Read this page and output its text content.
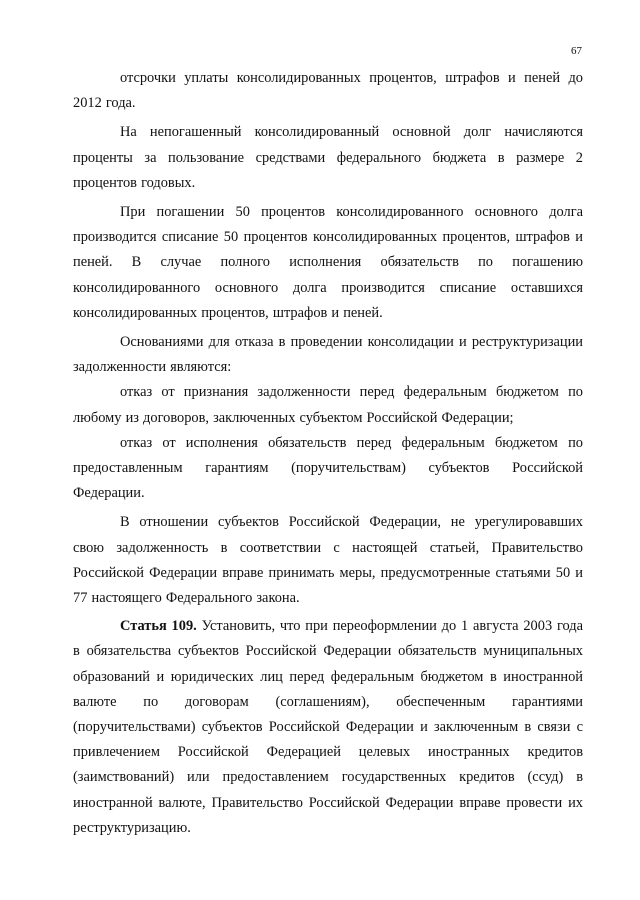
67

отсрочки уплаты консолидированных процентов, штрафов и пеней до 2012 года.

На непогашенный консолидированный основной долг начисляются проценты за пользование средствами федерального бюджета в размере 2 процентов годовых.

При погашении 50 процентов консолидированного основного долга производится списание 50 процентов консолидированных процентов, штрафов и пеней. В случае полного исполнения обязательств по погашению консолидированного основного долга производится списание оставшихся консолидированных процентов, штрафов и пеней.

Основаниями для отказа в проведении консолидации и реструктуризации задолженности являются:

отказ от признания задолженности перед федеральным бюджетом по любому из договоров, заключенных субъектом Российской Федерации;

отказ от исполнения обязательств перед федеральным бюджетом по предоставленным гарантиям (поручительствам) субъектов Российской Федерации.

В отношении субъектов Российской Федерации, не урегулировавших свою задолженность в соответствии с настоящей статьей, Правительство Российской Федерации вправе принимать меры, предусмотренные статьями 50 и 77 настоящего Федерального закона.

Статья 109. Установить, что при переоформлении до 1 августа 2003 года в обязательства субъектов Российской Федерации обязательств муниципальных образований и юридических лиц перед федеральным бюджетом в иностранной валюте по договорам (соглашениям), обеспеченным гарантиями (поручительствами) субъектов Российской Федерации и заключенным в связи с привлечением Российской Федерацией целевых иностранных кредитов (заимствований) или предоставлением государственных кредитов (ссуд) в иностранной валюте, Правительство Российской Федерации вправе провести их реструктуризацию.
